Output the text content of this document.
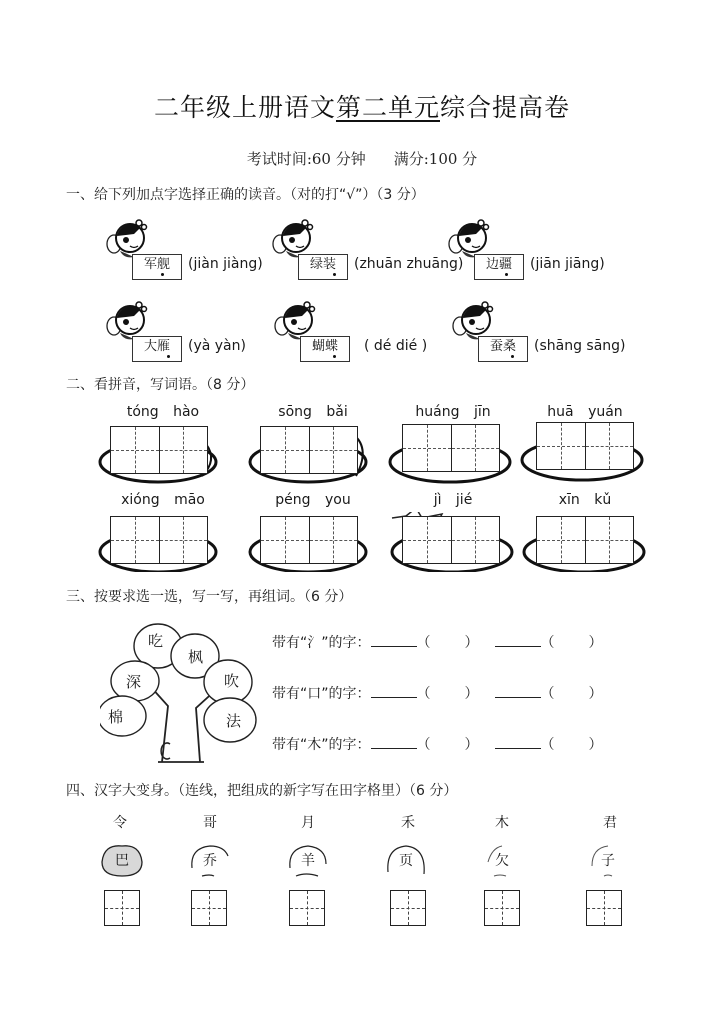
二年级上册语文第二单元综合提高卷
考试时间:60 分钟 满分:100 分
一、给下列加点字选择正确的读音。（对的打“√”）（3 分）
军舰	(jiàn jiàng)	绿装	(zhuān zhuāng)	边疆	(jiān jiāng)
大雁	(yà yàn)	蝴蝶	( dé dié )	蚕桑	(shāng sāng)
二、看拼音，写词语。（8 分）
tóng hào	sōng bǎi	huáng jīn	huā yuán
xióng māo	péng you	jì jié	xīn kǔ
三、按要求选一选，写一写，再组词。（6 分）
吃
枫
深	吹
棉	法
带有“氵”的字：	（ ）	（ ）
带有“口”的字：	（ ）	（ ）
带有“木”的字：	（ ）	（ ）
四、汉字大变身。（连线，把组成的新字写在田字格里）（6 分）
令	哥	月	禾	木	君
巴	乔	羊	页	欠	子
